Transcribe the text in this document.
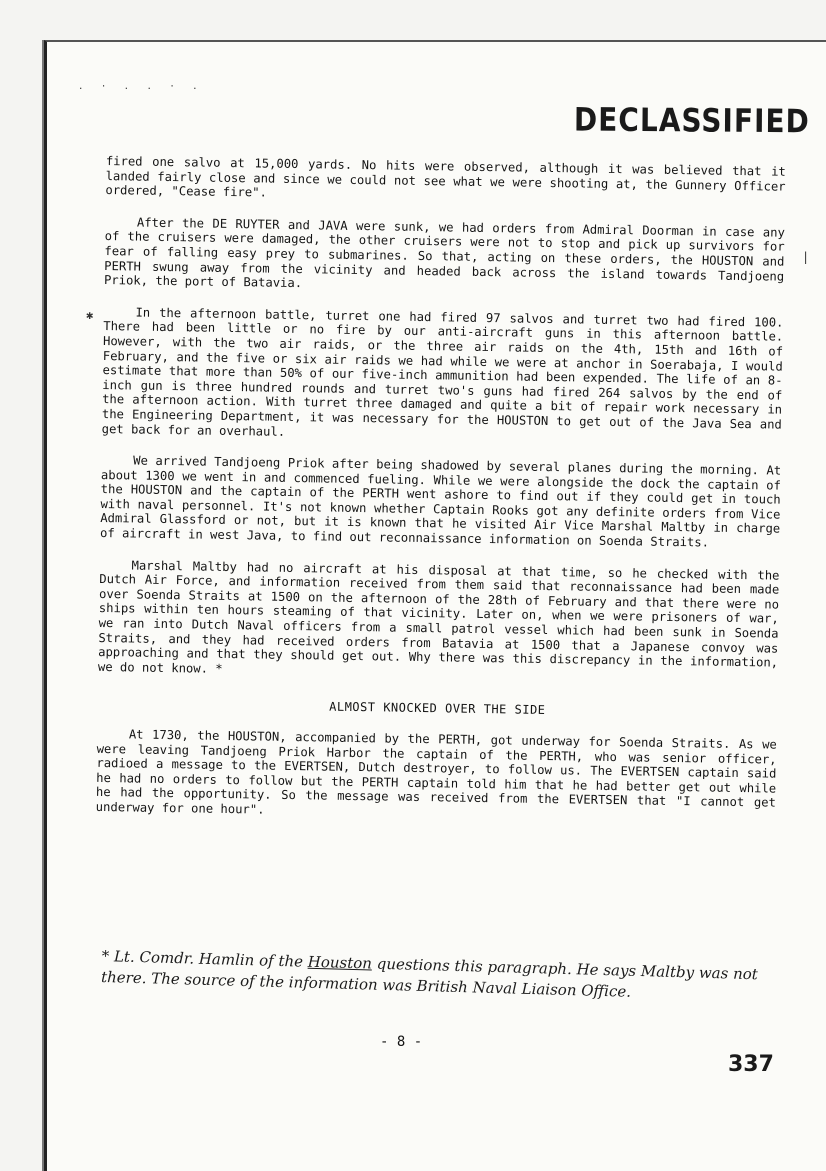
. · . . · .
DECLASSIFIED
✱
|

fired one salvo at 15,000 yards. No hits were observed, although it was believed that it landed fairly close and since we could not see what we were shooting at, the Gunnery Officer ordered, "Cease fire".

After the DE RUYTER and JAVA were sunk, we had orders from Admiral Doorman in case any of the cruisers were damaged, the other cruisers were not to stop and pick up survivors for fear of falling easy prey to submarines. So that, acting on these orders, the HOUSTON and PERTH swung away from the vicinity and headed back across the island towards Tandjoeng Priok, the port of Batavia.

In the afternoon battle, turret one had fired 97 salvos and turret two had fired 100. There had been little or no fire by our anti-aircraft guns in this afternoon battle. However, with the two air raids, or the three air raids on the 4th, 15th and 16th of February, and the five or six air raids we had while we were at anchor in Soerabaja, I would estimate that more than 50% of our five-inch ammunition had been expended. The life of an 8-inch gun is three hundred rounds and turret two's guns had fired 264 salvos by the end of the afternoon action. With turret three damaged and quite a bit of repair work necessary in the Engineering Department, it was necessary for the HOUSTON to get out of the Java Sea and get back for an overhaul.

We arrived Tandjoeng Priok after being shadowed by several planes during the morning. At about 1300 we went in and commenced fueling. While we were alongside the dock the captain of the HOUSTON and the captain of the PERTH went ashore to find out if they could get in touch with naval personnel. It's not known whether Captain Rooks got any definite orders from Vice Admiral Glassford or not, but it is known that he visited Air Vice Marshal Maltby in charge of aircraft in west Java, to find out reconnaissance information on Soenda Straits.

Marshal Maltby had no aircraft at his disposal at that time, so he checked with the Dutch Air Force, and information received from them said that reconnaissance had been made over Soenda Straits at 1500 on the afternoon of the 28th of February and that there were no ships within ten hours steaming of that vicinity. Later on, when we were prisoners of war, we ran into Dutch Naval officers from a small patrol vessel which had been sunk in Soenda Straits, and they had received orders from Batavia at 1500 that a Japanese convoy was approaching and that they should get out. Why there was this discrepancy in the information, we do not know. *

ALMOST KNOCKED OVER THE SIDE

At 1730, the HOUSTON, accompanied by the PERTH, got underway for Soenda Straits. As we were leaving Tandjoeng Priok Harbor the captain of the PERTH, who was senior officer, radioed a message to the EVERTSEN, Dutch destroyer, to follow us. The EVERTSEN captain said he had no orders to follow but the PERTH captain told him that he had better get out while he had the opportunity. So the message was received from the EVERTSEN that "I cannot get underway for one hour".

* Lt. Comdr. Hamlin of the Houston questions this paragraph. He says Maltby was not there. The source of the information was British Naval Liaison Office.
- 8 -
337
